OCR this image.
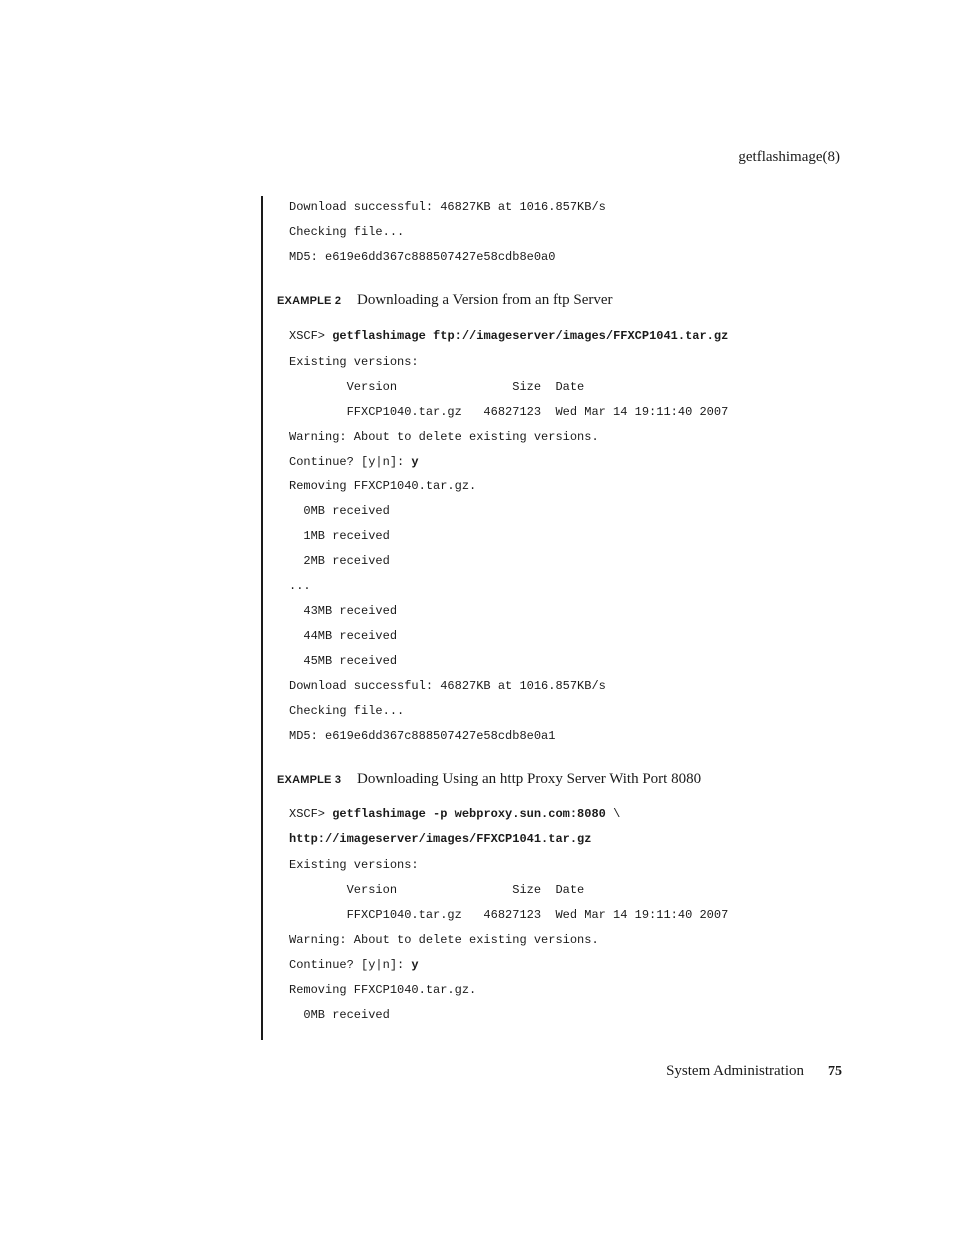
getflashimage(8)
Download successful: 46827KB at 1016.857KB/s
Checking file...
MD5: e619e6dd367c888507427e58cdb8e0a0
EXAMPLE 2 Downloading a Version from an ftp Server
XSCF> getflashimage ftp://imageserver/images/FFXCP1041.tar.gz
Existing versions:
Version                Size  Date
FFXCP1040.tar.gz   46827123  Wed Mar 14 19:11:40 2007
Warning: About to delete existing versions.
Continue? [y|n]: y
Removing FFXCP1040.tar.gz.
0MB received
1MB received
2MB received
...
43MB received
44MB received
45MB received
Download successful: 46827KB at 1016.857KB/s
Checking file...
MD5: e619e6dd367c888507427e58cdb8e0a1
EXAMPLE 3 Downloading Using an http Proxy Server With Port 8080
XSCF> getflashimage -p webproxy.sun.com:8080 \
http://imageserver/images/FFXCP1041.tar.gz
Existing versions:
Version                Size  Date
FFXCP1040.tar.gz   46827123  Wed Mar 14 19:11:40 2007
Warning: About to delete existing versions.
Continue? [y|n]: y
Removing FFXCP1040.tar.gz.
0MB received
System Administration 75
